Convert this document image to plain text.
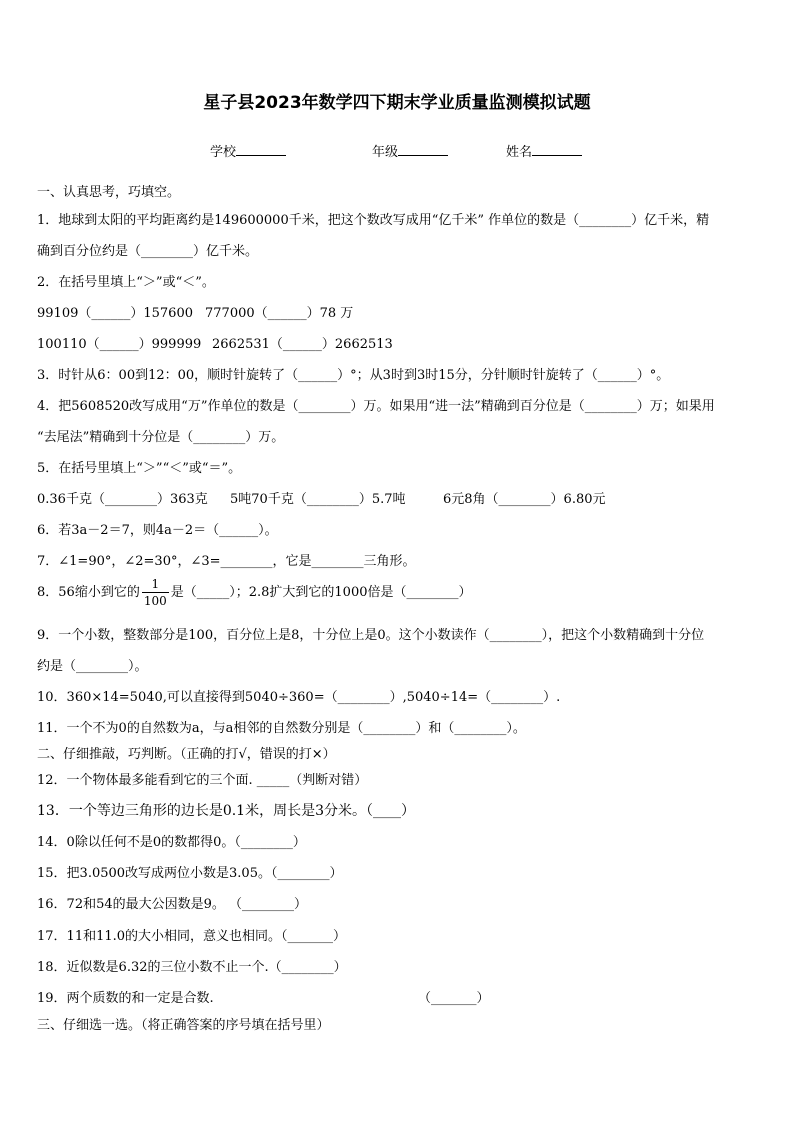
星子县2023年数学四下期末学业质量监测模拟试题
学校	年级	姓名
一、认真思考，巧填空。
1．地球到太阳的平均距离约是149600000千米，把这个数改写成用“亿千米” 作单位的数是（________）亿千米，精
确到百分位约是（________）亿千米。
2．在括号里填上“＞”或“＜”。
99109（______）157600 777000（______）78 万
100110（______）999999 2662531（______）2662513
3．时针从6：00到12：00，顺时针旋转了（______）°；从3时到3时15分，分针顺时针旋转了（______）°。
4．把5608520改写成用“万”作单位的数是（________）万。如果用“进一法”精确到百分位是（________）万；如果用
“去尾法”精确到十分位是（________）万。
5．在括号里填上“＞”“＜”或“＝”。
0.36千克（________）363克 5吨70千克（________）5.7吨	6元8角（________）6.80元
6．若3a－2＝7，则4a－2＝（______）。
7．∠1=90°，∠2=30°，∠3=________，它是________三角形。
8．56缩小到它的 $\frac{1}{100}$ 是（_____）；2.8扩大到它的1000倍是（________）
9．一个小数，整数部分是100，百分位上是8，十分位上是0。这个小数读作（________），把这个小数精确到十分位
约是（________）。
10．360×14=5040,可以直接得到5040÷360=（________）,5040÷14=（________）.
11．一个不为0的自然数为a，与a相邻的自然数分别是（________）和（________）。
二、仔细推敲，巧判断。（正确的打√，错误的打×）
12．一个物体最多能看到它的三个面. _____（判断对错）
13．一个等边三角形的边长是0.1米，周长是3分米。（____）
14．0除以任何不是0的数都得0。（________）
15．把3.0500改写成两位小数是3.05。（________）
16．72和54的最大公因数是9。 （________）
17．11和11.0的大小相同，意义也相同。（_______）
18．近似数是6.32的三位小数不止一个.（________）
19．两个质数的和一定是合数.	（_______）
三、仔细选一选。（将正确答案的序号填在括号里）
